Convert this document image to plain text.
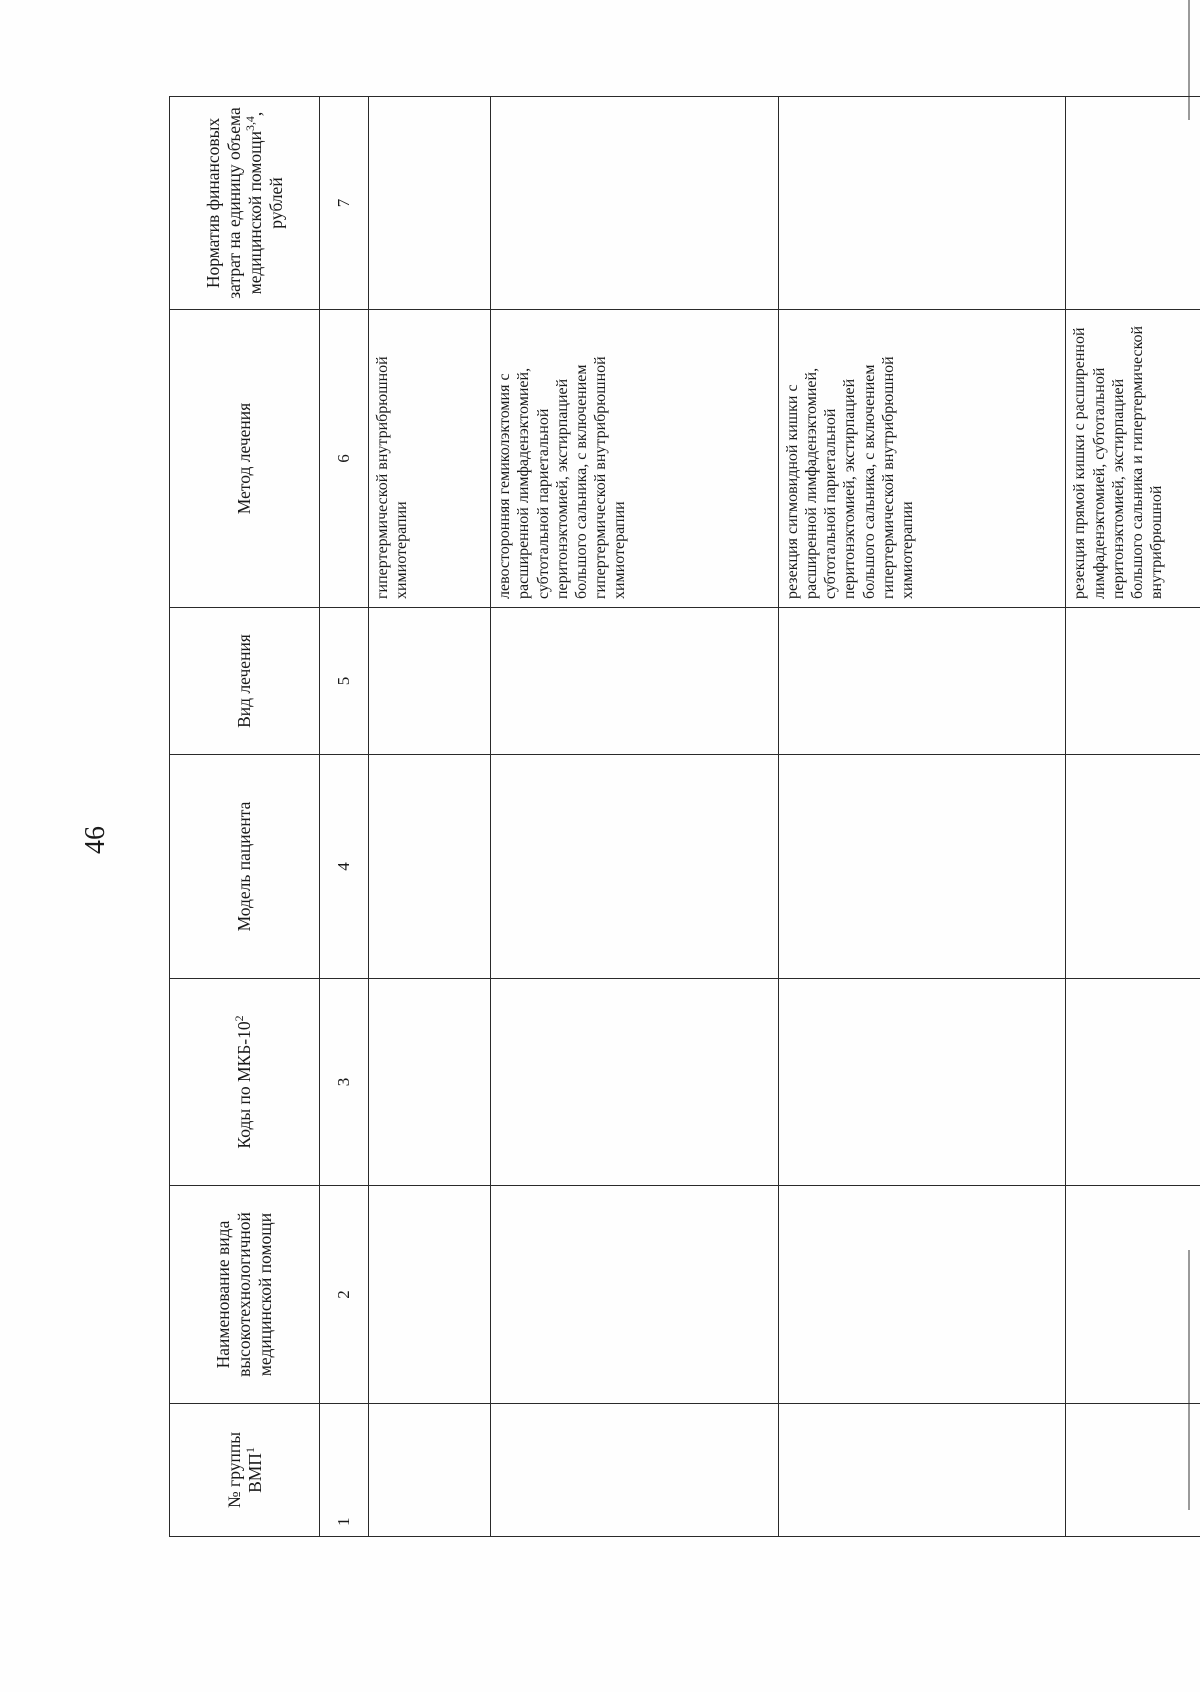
46
№ группы ВМП$^1$	Наименование вида высокотехнологичной медицинской помощи	Коды по МКБ-$10^2$	Модель пациента	Вид лечения	Метод лечения	Норматив финансовых затрат на единицу объема медицинской помощи$^{3,4}$, рублей
1	2	3	4	5	6	7
					гипертермической внутрибрюшной химиотерапии	
					левосторонняя гемиколэктомия с расширенной лимфаденэктомией, субтотальной париетальной перитонэктомией, экстирпацией большого сальника, с включением гипертермической внутрибрюшной химиотерапии	
					резекция сигмовидной кишки с расширенной лимфаденэктомией, субтотальной париетальной перитонэктомией, экстирпацией большого сальника, с включением гипертермической внутрибрюшной химиотерапии	
					резекция прямой кишки с расширенной лимфаденэктомией, субтотальной перитонэктомией, экстирпацией большого сальника и гипертермической внутрибрюшной	
